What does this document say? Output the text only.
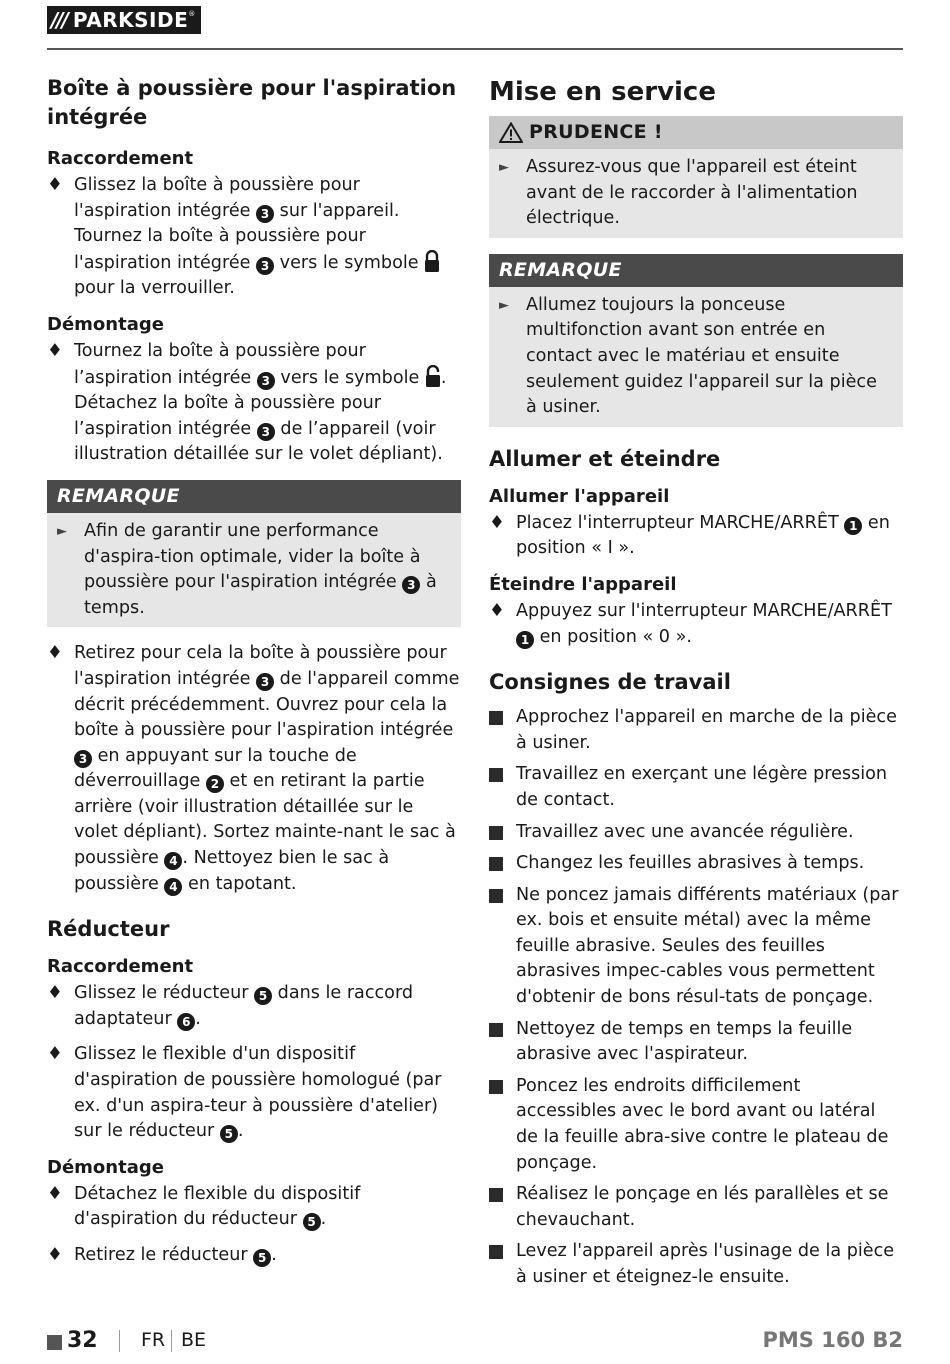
/// PARKSIDE ®
Boîte à poussière pour l'aspiration intégrée
Raccordement
♦ Glissez la boîte à poussière pour l'aspiration intégrée 3 sur l'appareil. Tournez la boîte à poussière pour l'aspiration intégrée 3 vers le symbole  pour la verrouiller.
Démontage
♦ Tournez la boîte à poussière pour l’aspiration intégrée 3 vers le symbole . Détachez la boîte à poussière pour l’aspiration intégrée 3 de l’appareil (voir illustration détaillée sur le volet dépliant).
REMARQUE
► Afin de garantir une performance d'aspira-tion optimale, vider la boîte à poussière pour l'aspiration intégrée 3 à temps.
♦ Retirez pour cela la boîte à poussière pour l'aspiration intégrée 3 de l'appareil comme décrit précédemment. Ouvrez pour cela la boîte à poussière pour l'aspiration intégrée 3 en appuyant sur la touche de déverrouillage 2 et en retirant la partie arrière (voir illustration détaillée sur le volet dépliant). Sortez mainte-nant le sac à poussière 4 . Nettoyez bien le sac à poussière 4 en tapotant.
Réducteur
Raccordement
♦ Glissez le réducteur 5 dans le raccord adaptateur 6 .
♦ Glissez le flexible d'un dispositif d'aspiration de poussière homologué (par ex. d'un aspira-teur à poussière d'atelier) sur le réducteur 5 .
Démontage
♦ Détachez le flexible du dispositif d'aspiration du réducteur 5 .
♦ Retirez le réducteur 5 .
Mise en service
PRUDENCE !
► Assurez-vous que l'appareil est éteint avant de le raccorder à l'alimentation électrique.
REMARQUE
► Allumez toujours la ponceuse multifonction avant son entrée en contact avec le matériau et ensuite seulement guidez l'appareil sur la pièce à usiner.
Allumer et éteindre
Allumer l'appareil
♦ Placez l'interrupteur MARCHE/ARRÊT 1 en position « I ».
Éteindre l'appareil
♦ Appuyez sur l'interrupteur MARCHE/ARRÊT 1 en position « 0 ».
Consignes de travail
Approchez l'appareil en marche de la pièce à usiner.
Travaillez en exerçant une légère pression de contact.
Travaillez avec une avancée régulière.
Changez les feuilles abrasives à temps.
Ne poncez jamais différents matériaux (par ex. bois et ensuite métal) avec la même feuille abrasive. Seules des feuilles abrasives impec-cables vous permettent d'obtenir de bons résul-tats de ponçage.
Nettoyez de temps en temps la feuille abrasive avec l'aspirateur.
Poncez les endroits difficilement accessibles avec le bord avant ou latéral de la feuille abra-sive contre le plateau de ponçage.
Réalisez le ponçage en lés parallèles et se chevauchant.
Levez l'appareil après l'usinage de la pièce à usiner et éteignez-le ensuite.
32 FR BE	PMS 160 B2
